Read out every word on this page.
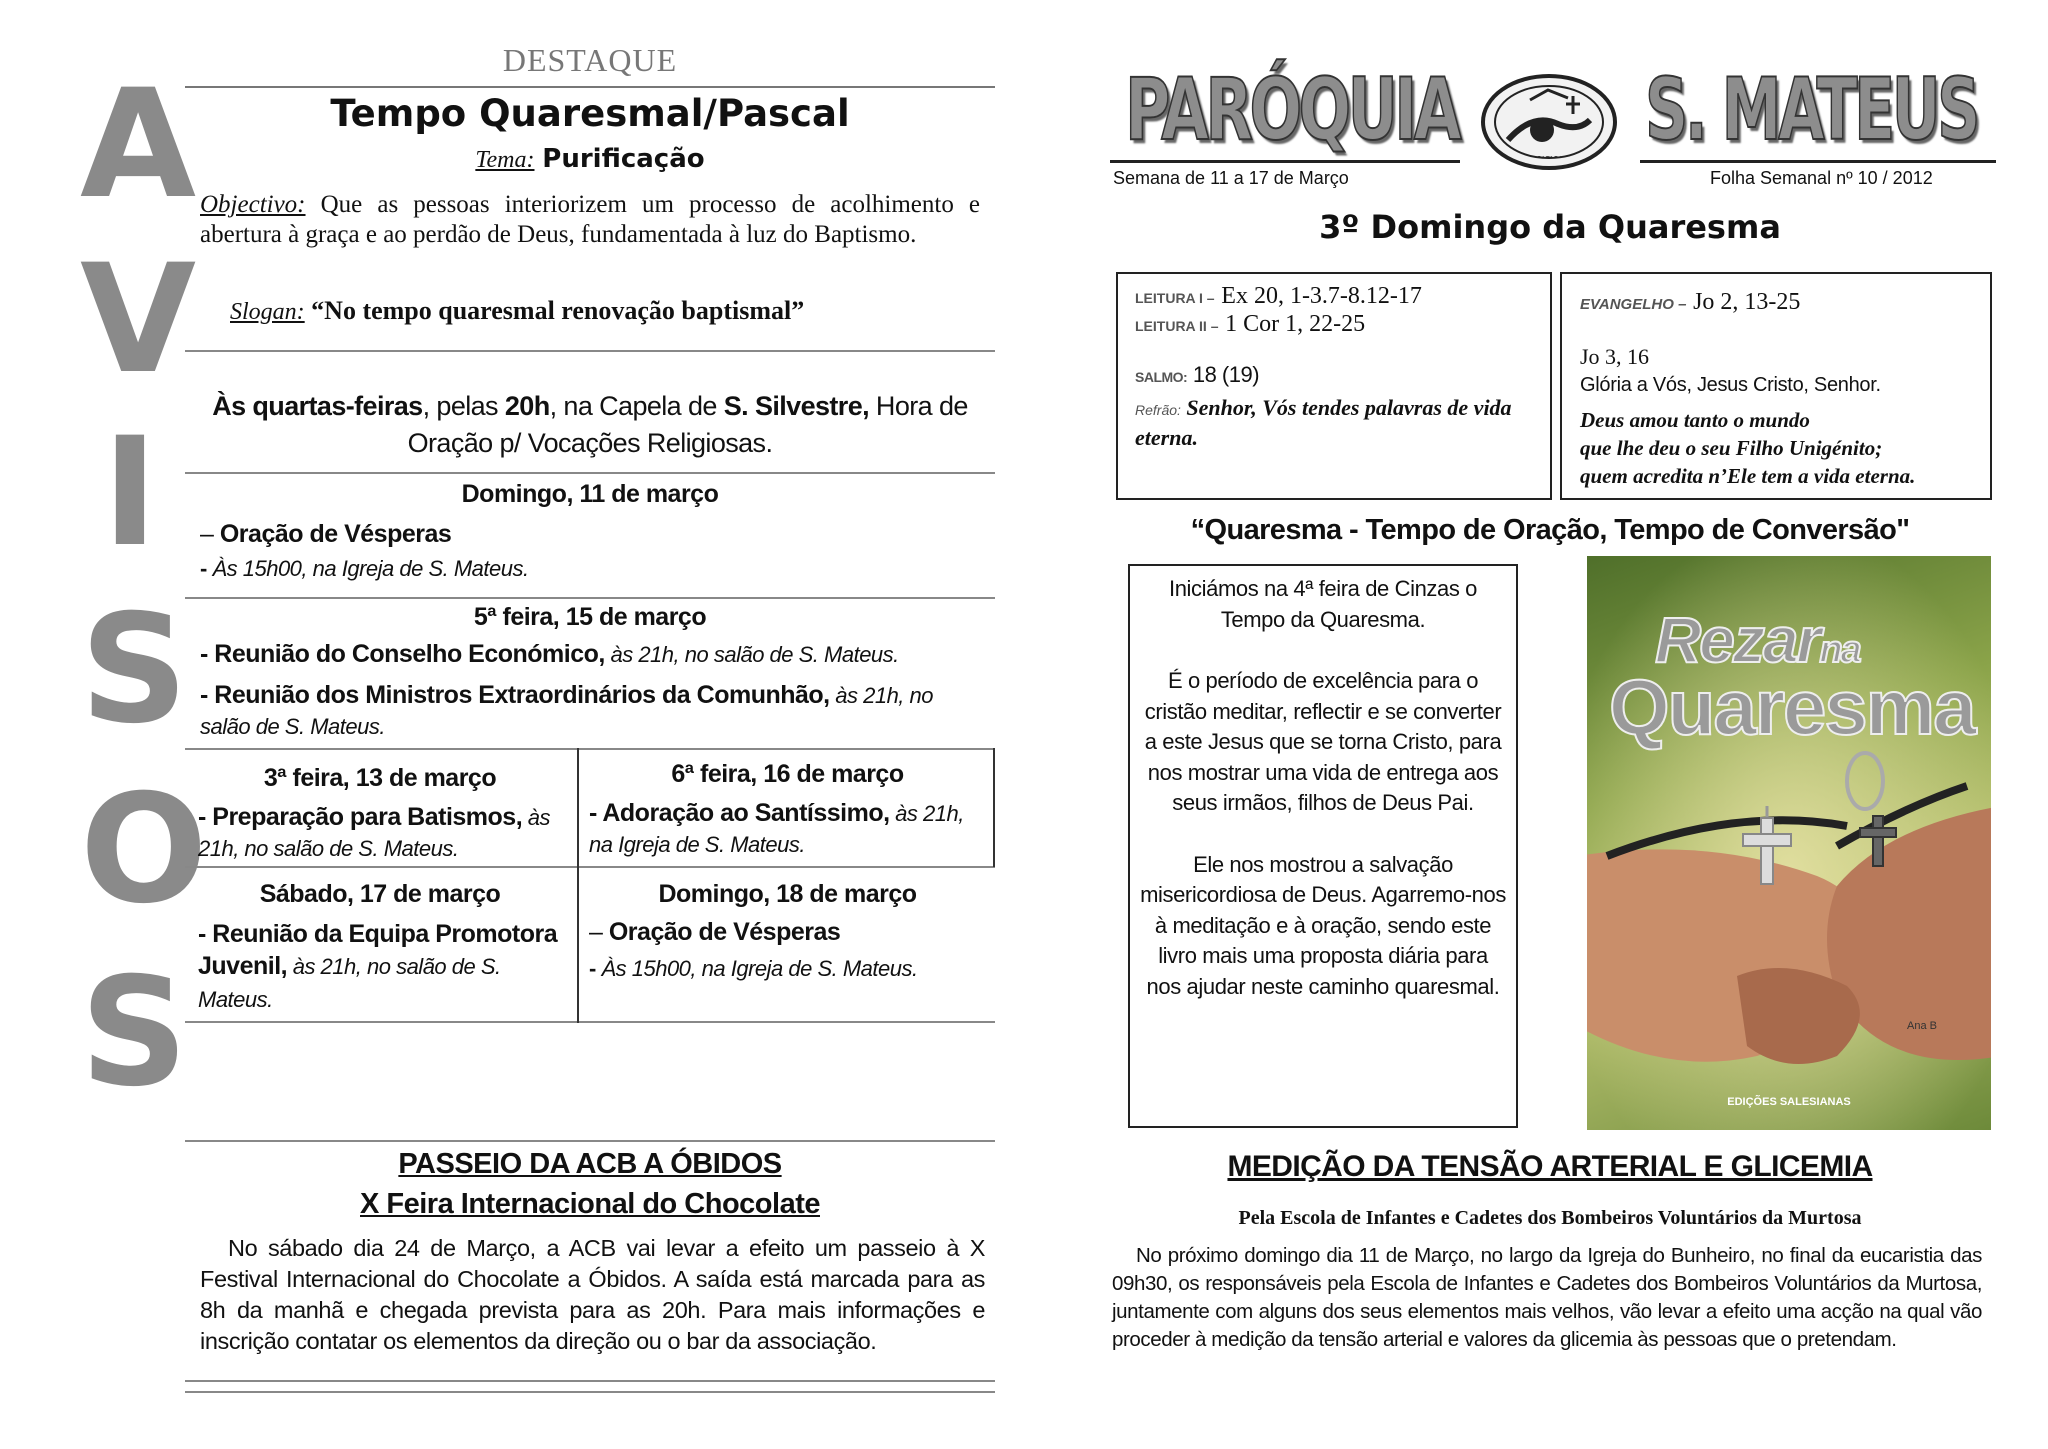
A
V
I
S
O
S
DESTAQUE
Tempo Quaresmal/Pascal
Tema: Purificação
Objectivo: Que as pessoas interiorizem um processo de acolhimento e abertura à graça e ao perdão de Deus, fundamentada à luz do Baptismo.
Slogan: “No tempo quaresmal renovação baptismal”
Às quartas-feiras, pelas 20h, na Capela de S. Silvestre, Hora de Oração p/ Vocações Religiosas.
Domingo, 11 de março
– Oração de Vésperas
- Às 15h00, na Igreja de S. Mateus.
5ª feira, 15 de março
- Reunião do Conselho Económico, às 21h, no salão de S. Mateus.
- Reunião dos Ministros Extraordinários da Comunhão, às 21h, no salão de S. Mateus.
3ª feira, 13 de março
- Preparação para Batismos, às 21h, no salão de S. Mateus.
6ª feira, 16 de março
- Adoração ao Santíssimo, às 21h, na Igreja de S. Mateus.
Sábado, 17 de março
- Reunião da Equipa Promotora Juvenil, às 21h, no salão de S. Mateus.
Domingo, 18 de março
– Oração de Vésperas
- Às 15h00, na Igreja de S. Mateus.
PASSEIO DA ACB A ÓBIDOS
X Feira Internacional do Chocolate
No sábado dia 24 de Março, a ACB vai levar a efeito um passeio à X Festival Internacional do Chocolate a Óbidos. A saída está marcada para as 8h da manhã e chegada prevista para as 20h. Para mais informações e inscrição contatar os elementos da direção ou o bar da associação.
PARÓQUIA S. MATEUS
~~~
Semana de 11 a 17 de Março	Folha Semanal nº 10 / 2012
3º Domingo da Quaresma
LEITURA I – Ex 20, 1-3.7-8.12-17
LEITURA II – 1 Cor 1, 22-25
SALMO: 18 (19)
Refrão: Senhor, Vós tendes palavras de vida eterna.
EVANGELHO – Jo 2, 13-25
Jo 3, 16
Glória a Vós, Jesus Cristo, Senhor.
Deus amou tanto o mundo
que lhe deu o seu Filho Unigénito;
quem acredita n’Ele tem a vida eterna.
“Quaresma - Tempo de Oração, Tempo de Conversão"
Iniciámos na 4ª feira de Cinzas o Tempo da Quaresma.
É o período de excelência para o cristão meditar, reflectir e se converter a este Jesus que se torna Cristo, para nos mostrar uma vida de entrega aos seus irmãos, filhos de Deus Pai.
Ele nos mostrou a salvação misericordiosa de Deus. Agarremo-nos à meditação e à oração, sendo este livro mais uma proposta diária para nos ajudar neste caminho quaresmal.
Rezarna
Quaresma
Ana B
EDIÇÕES SALESIANAS
MEDIÇÃO DA TENSÃO ARTERIAL E GLICEMIA
Pela Escola de Infantes e Cadetes dos Bombeiros Voluntários da Murtosa
No próximo domingo dia 11 de Março, no largo da Igreja do Bunheiro, no final da eucaristia das 09h30, os responsáveis pela Escola de Infantes e Cadetes dos Bombeiros Voluntários da Murtosa, juntamente com alguns dos seus elementos mais velhos, vão levar a efeito uma acção na qual vão proceder à medição da tensão arterial e valores da glicemia às pessoas que o pretendam.
